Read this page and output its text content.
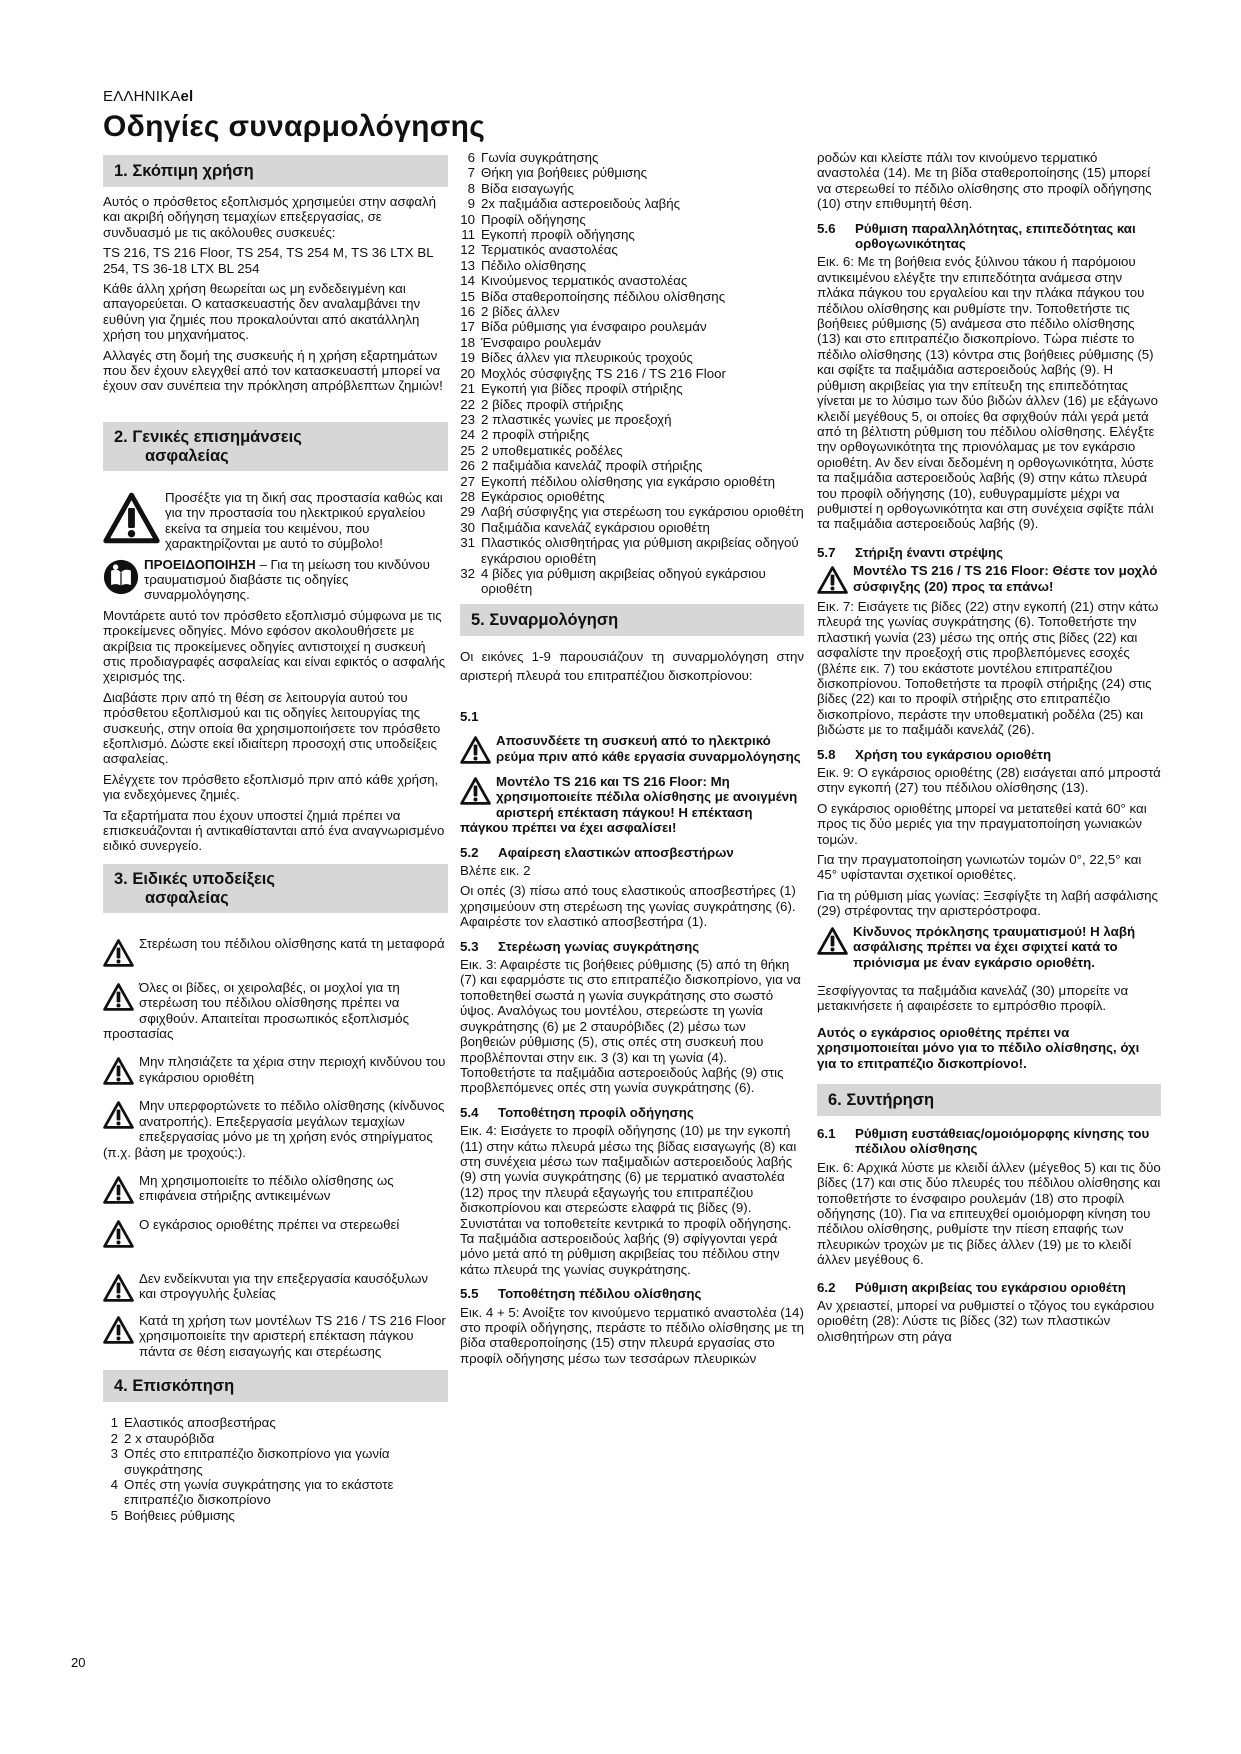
ΕΛΛΗΝΙΚΑel
Οδηγίες συναρμολόγησης
20
1. Σκόπιμη χρήση

Αυτός ο πρόσθετος εξοπλισμός χρησιμεύει στην ασφαλή και ακριβή οδήγηση τεμαχίων επεξεργασίας, σε συνδυασμό με τις ακόλουθες συσκευές:

TS 216, TS 216 Floor, TS 254, TS 254 M, TS 36 LTX BL 254, TS 36-18 LTX BL 254

Κάθε άλλη χρήση θεωρείται ως μη ενδεδειγμένη και απαγορεύεται. Ο κατασκευαστής δεν αναλαμβάνει την ευθύνη για ζημιές που προκαλούνται από ακατάλληλη χρήση του μηχανήματος.

Αλλαγές στη δομή της συσκευής ή η χρήση εξαρτημάτων που δεν έχουν ελεγχθεί από τον κατασκευαστή μπορεί να έχουν σαν συνέπεια την πρόκληση απρόβλεπτων ζημιών!

2. Γενικές επισημάνσεις
ασφαλείας
Προσέξτε για τη δική σας προστασία καθώς και για την προστασία του ηλεκτρικού εργαλείου εκείνα τα σημεία του κειμένου, που χαρακτηρίζονται με αυτό το σύμβολο!
ΠΡΟΕΙΔΟΠΟΙΗΣΗ – Για τη μείωση του κινδύνου τραυματισμού διαβάστε τις οδηγίες συναρμολόγησης.

Μοντάρετε αυτό τον πρόσθετο εξοπλισμό σύμφωνα με τις προκείμενες οδηγίες. Μόνο εφόσον ακολουθήσετε με ακρίβεια τις προκείμενες οδηγίες αντιστοιχεί η συσκευή στις προδιαγραφές ασφαλείας και είναι εφικτός ο ασφαλής χειρισμός της.

Διαβάστε πριν από τη θέση σε λειτουργία αυτού του πρόσθετου εξοπλισμού και τις οδηγίες λειτουργίας της συσκευής, στην οποία θα χρησιμοποιήσετε τον πρόσθετο εξοπλισμό. Δώστε εκεί ιδιαίτερη προσοχή στις υποδείξεις ασφαλείας.

Ελέγχετε τον πρόσθετο εξοπλισμό πριν από κάθε χρήση, για ενδεχόμενες ζημιές.

Τα εξαρτήματα που έχουν υποστεί ζημιά πρέπει να επισκευάζονται ή αντικαθίστανται από ένα αναγνωρισμένο ειδικό συνεργείο.

3. Ειδικές υποδείξεις
ασφαλείας
Στερέωση του πέδιλου ολίσθησης κατά τη μεταφορά
Όλες οι βίδες, οι χειρολαβές, οι μοχλοί για τη στερέωση του πέδιλου ολίσθησης πρέπει να σφιχθούν. Απαιτείται προσωπικός εξοπλισμός προστασίας
Μην πλησιάζετε τα χέρια στην περιοχή κινδύνου του εγκάρσιου οριοθέτη
Μην υπερφορτώνετε το πέδιλο ολίσθησης (κίνδυνος ανατροπής). Επεξεργασία μεγάλων τεμαχίων επεξεργασίας μόνο με τη χρήση ενός στηρίγματος (π.χ. βάση με τροχούς:).
Μη χρησιμοποιείτε το πέδιλο ολίσθησης ως επιφάνεια στήριξης αντικειμένων
Ο εγκάρσιος οριοθέτης πρέπει να στερεωθεί
Δεν ενδείκνυται για την επεξεργασία καυσόξυλων και στρογγυλής ξυλείας
Κατά τη χρήση των μοντέλων TS 216 / TS 216 Floor χρησιμοποιείτε την αριστερή επέκταση πάγκου πάντα σε θέση εισαγωγής και στερέωσης
4. Επισκόπηση
1 Ελαστικός αποσβεστήρας
2 2 x σταυρόβιδα
3 Οπές στο επιτραπέζιο δισκοπρίονο για γωνία συγκράτησης
4 Οπές στη γωνία συγκράτησης για το εκάστοτε επιτραπέζιο δισκοπρίονο
5 Βοήθειες ρύθμισης
6 Γωνία συγκράτησης
7 Θήκη για βοήθειες ρύθμισης
8 Βίδα εισαγωγής
9 2x παξιμάδια αστεροειδούς λαβής
10 Προφίλ οδήγησης
11 Εγκοπή προφίλ οδήγησης
12 Τερματικός αναστολέας
13 Πέδιλο ολίσθησης
14 Κινούμενος τερματικός αναστολέας
15 Βίδα σταθεροποίησης πέδιλου ολίσθησης
16 2 βίδες άλλεν
17 Βίδα ρύθμισης για ένσφαιρο ρουλεμάν
18 Ένσφαιρο ρουλεμάν
19 Βίδες άλλεν για πλευρικούς τροχούς
20 Μοχλός σύσφιγξης TS 216 / TS 216 Floor
21 Εγκοπή για βίδες προφίλ στήριξης
22 2 βίδες προφίλ στήριξης
23 2 πλαστικές γωνίες με προεξοχή
24 2 προφίλ στήριξης
25 2 υποθεματικές ροδέλες
26 2 παξιμάδια κανελάζ προφίλ στήριξης
27 Εγκοπή πέδιλου ολίσθησης για εγκάρσιο οριοθέτη
28 Εγκάρσιος οριοθέτης
29 Λαβή σύσφιγξης για στερέωση του εγκάρσιου οριοθέτη
30 Παξιμάδια κανελάζ εγκάρσιου οριοθέτη
31 Πλαστικός ολισθητήρας για ρύθμιση ακριβείας οδηγού εγκάρσιου οριοθέτη
32 4 βίδες για ρύθμιση ακριβείας οδηγού εγκάρσιου οριοθέτη
5. Συναρμολόγηση

Οι εικόνες 1-9 παρουσιάζουν τη συναρμολόγηση στην αριστερή πλευρά του επιτραπέζιου δισκοπρίονου:

5.1
Αποσυνδέετε τη συσκευή από το ηλεκτρικό ρεύμα πριν από κάθε εργασία συναρμολόγησης
Μοντέλο TS 216 και TS 216 Floor: Μη χρησιμοποιείτε πέδιλα ολίσθησης με ανοιγμένη αριστερή επέκταση πάγκου! Η επέκταση πάγκου πρέπει να έχει ασφαλίσει!
5.2	Αφαίρεση ελαστικών αποσβεστήρων

Βλέπε εικ. 2

Οι οπές (3) πίσω από τους ελαστικούς αποσβεστήρες (1) χρησιμεύουν στη στερέωση της γωνίας συγκράτησης (6). Αφαιρέστε τον ελαστικό αποσβεστήρα (1).

5.3	Στερέωση γωνίας συγκράτησης

Εικ. 3: Αφαιρέστε τις βοήθειες ρύθμισης (5) από τη θήκη (7) και εφαρμόστε τις στο επιτραπέζιο δισκοπρίονο, για να τοποθετηθεί σωστά η γωνία συγκράτησης στο σωστό ύψος. Αναλόγως του μοντέλου, στερεώστε τη γωνία συγκράτησης (6) με 2 σταυρόβιδες (2) μέσω των βοηθειών ρύθμισης (5), στις οπές στη συσκευή που προβλέπονται στην εικ. 3 (3) και τη γωνία (4). Τοποθετήστε τα παξιμάδια αστεροειδούς λαβής (9) στις προβλεπόμενες οπές στη γωνία συγκράτησης (6).

5.4	Τοποθέτηση προφίλ οδήγησης

Εικ. 4: Εισάγετε το προφίλ οδήγησης (10) με την εγκοπή (11) στην κάτω πλευρά μέσω της βίδας εισαγωγής (8) και στη συνέχεια μέσω των παξιμαδιών αστεροειδούς λαβής (9) στη γωνία συγκράτησης (6) με τερματικό αναστολέα (12) προς την πλευρά εξαγωγής του επιτραπέζιου δισκοπρίονου και στερεώστε ελαφρά τις βίδες (9). Συνιστάται να τοποθετείτε κεντρικά το προφίλ οδήγησης. Τα παξιμάδια αστεροειδούς λαβής (9) σφίγγονται γερά μόνο μετά από τη ρύθμιση ακριβείας του πέδιλου στην κάτω πλευρά της γωνίας συγκράτησης.

5.5	Τοποθέτηση πέδιλου ολίσθησης

Εικ. 4 + 5: Ανοίξτε τον κινούμενο τερματικό αναστολέα (14) στο προφίλ οδήγησης, περάστε το πέδιλο ολίσθησης με τη βίδα σταθεροποίησης (15) στην πλευρά εργασίας στο προφίλ οδήγησης μέσω των τεσσάρων πλευρικών

ροδών και κλείστε πάλι τον κινούμενο τερματικό αναστολέα (14). Με τη βίδα σταθεροποίησης (15) μπορεί να στερεωθεί το πέδιλο ολίσθησης στο προφίλ οδήγησης (10) στην επιθυμητή θέση.

5.6	Ρύθμιση παραλληλότητας, επιπεδότητας και ορθογωνικότητας

Εικ. 6: Με τη βοήθεια ενός ξύλινου τάκου ή παρόμοιου αντικειμένου ελέγξτε την επιπεδότητα ανάμεσα στην πλάκα πάγκου του εργαλείου και την πλάκα πάγκου του πέδιλου ολίσθησης και ρυθμίστε την. Τοποθετήστε τις βοήθειες ρύθμισης (5) ανάμεσα στο πέδιλο ολίσθησης (13) και στο επιτραπέζιο δισκοπρίονο. Τώρα πιέστε το πέδιλο ολίσθησης (13) κόντρα στις βοήθειες ρύθμισης (5) και σφίξτε τα παξιμάδια αστεροειδούς λαβής (9). Η ρύθμιση ακριβείας για την επίτευξη της επιπεδότητας γίνεται με το λύσιμο των δύο βιδών άλλεν (16) με εξάγωνο κλειδί μεγέθους 5, οι οποίες θα σφιχθούν πάλι γερά μετά από τη βέλτιστη ρύθμιση του πέδιλου ολίσθησης. Ελέγξτε την ορθογωνικότητα της πριονόλαμας με τον εγκάρσιο οριοθέτη. Αν δεν είναι δεδομένη η ορθογωνικότητα, λύστε τα παξιμάδια αστεροειδούς λαβής (9) στην κάτω πλευρά του προφίλ οδήγησης (10), ευθυγραμμίστε μέχρι να ρυθμιστεί η ορθογωνικότητα και στη συνέχεια σφίξτε πάλι τα παξιμάδια αστεροειδούς λαβής (9).

5.7	Στήριξη έναντι στρέψης
Μοντέλο TS 216 / TS 216 Floor: Θέστε τον μοχλό σύσφιγξης (20) προς τα επάνω!

Εικ. 7: Εισάγετε τις βίδες (22) στην εγκοπή (21) στην κάτω πλευρά της γωνίας συγκράτησης (6). Τοποθετήστε την πλαστική γωνία (23) μέσω της οπής στις βίδες (22) και ασφαλίστε την προεξοχή στις προβλεπόμενες εσοχές (βλέπε εικ. 7) του εκάστοτε μοντέλου επιτραπέζιου δισκοπρίονου. Τοποθετήστε τα προφίλ στήριξης (24) στις βίδες (22) και το προφίλ στήριξης στο επιτραπέζιο δισκοπρίονο, περάστε την υποθεματική ροδέλα (25) και βιδώστε με το παξιμάδι κανελάζ (26).

5.8	Χρήση του εγκάρσιου οριοθέτη

Εικ. 9: Ο εγκάρσιος οριοθέτης (28) εισάγεται από μπροστά στην εγκοπή (27) του πέδιλου ολίσθησης (13).

Ο εγκάρσιος οριοθέτης μπορεί να μετατεθεί κατά 60° και προς τις δύο μεριές για την πραγματοποίηση γωνιακών τομών.

Για την πραγματοποίηση γωνιωτών τομών 0°, 22,5° και 45° υφίστανται σχετικοί οριοθέτες.

Για τη ρύθμιση μίας γωνίας: Ξεσφίγξτε τη λαβή ασφάλισης (29) στρέφοντας την αριστερόστροφα.

Κίνδυνος πρόκλησης τραυματισμού! Η λαβή ασφάλισης πρέπει να έχει σφιχτεί κατά το πριόνισμα με έναν εγκάρσιο οριοθέτη.

Ξεσφίγγοντας τα παξιμάδια κανελάζ (30) μπορείτε να μετακινήσετε ή αφαιρέσετε το εμπρόσθιο προφίλ.

Αυτός ο εγκάρσιος οριοθέτης πρέπει να χρησιμοποιείται μόνο για το πέδιλο ολίσθησης, όχι για το επιτραπέζιο δισκοπρίονο!.

6. Συντήρηση
6.1	Ρύθμιση ευστάθειας/ομοιόμορφης κίνησης του πέδιλου ολίσθησης

Εικ. 6: Αρχικά λύστε με κλειδί άλλεν (μέγεθος 5) και τις δύο βίδες (17) και στις δύο πλευρές του πέδιλου ολίσθησης και τοποθετήστε το ένσφαιρο ρουλεμάν (18) στο προφίλ οδήγησης (10). Για να επιτευχθεί ομοιόμορφη κίνηση του πέδιλου ολίσθησης, ρυθμίστε την πίεση επαφής των πλευρικών τροχών με τις βίδες άλλεν (19) με το κλειδί άλλεν μεγέθους 6.

6.2	Ρύθμιση ακριβείας του εγκάρσιου οριοθέτη

Αν χρειαστεί, μπορεί να ρυθμιστεί ο τζόγος του εγκάρσιου οριοθέτη (28): Λύστε τις βίδες (32) των πλαστικών ολισθητήρων στη ράγα
